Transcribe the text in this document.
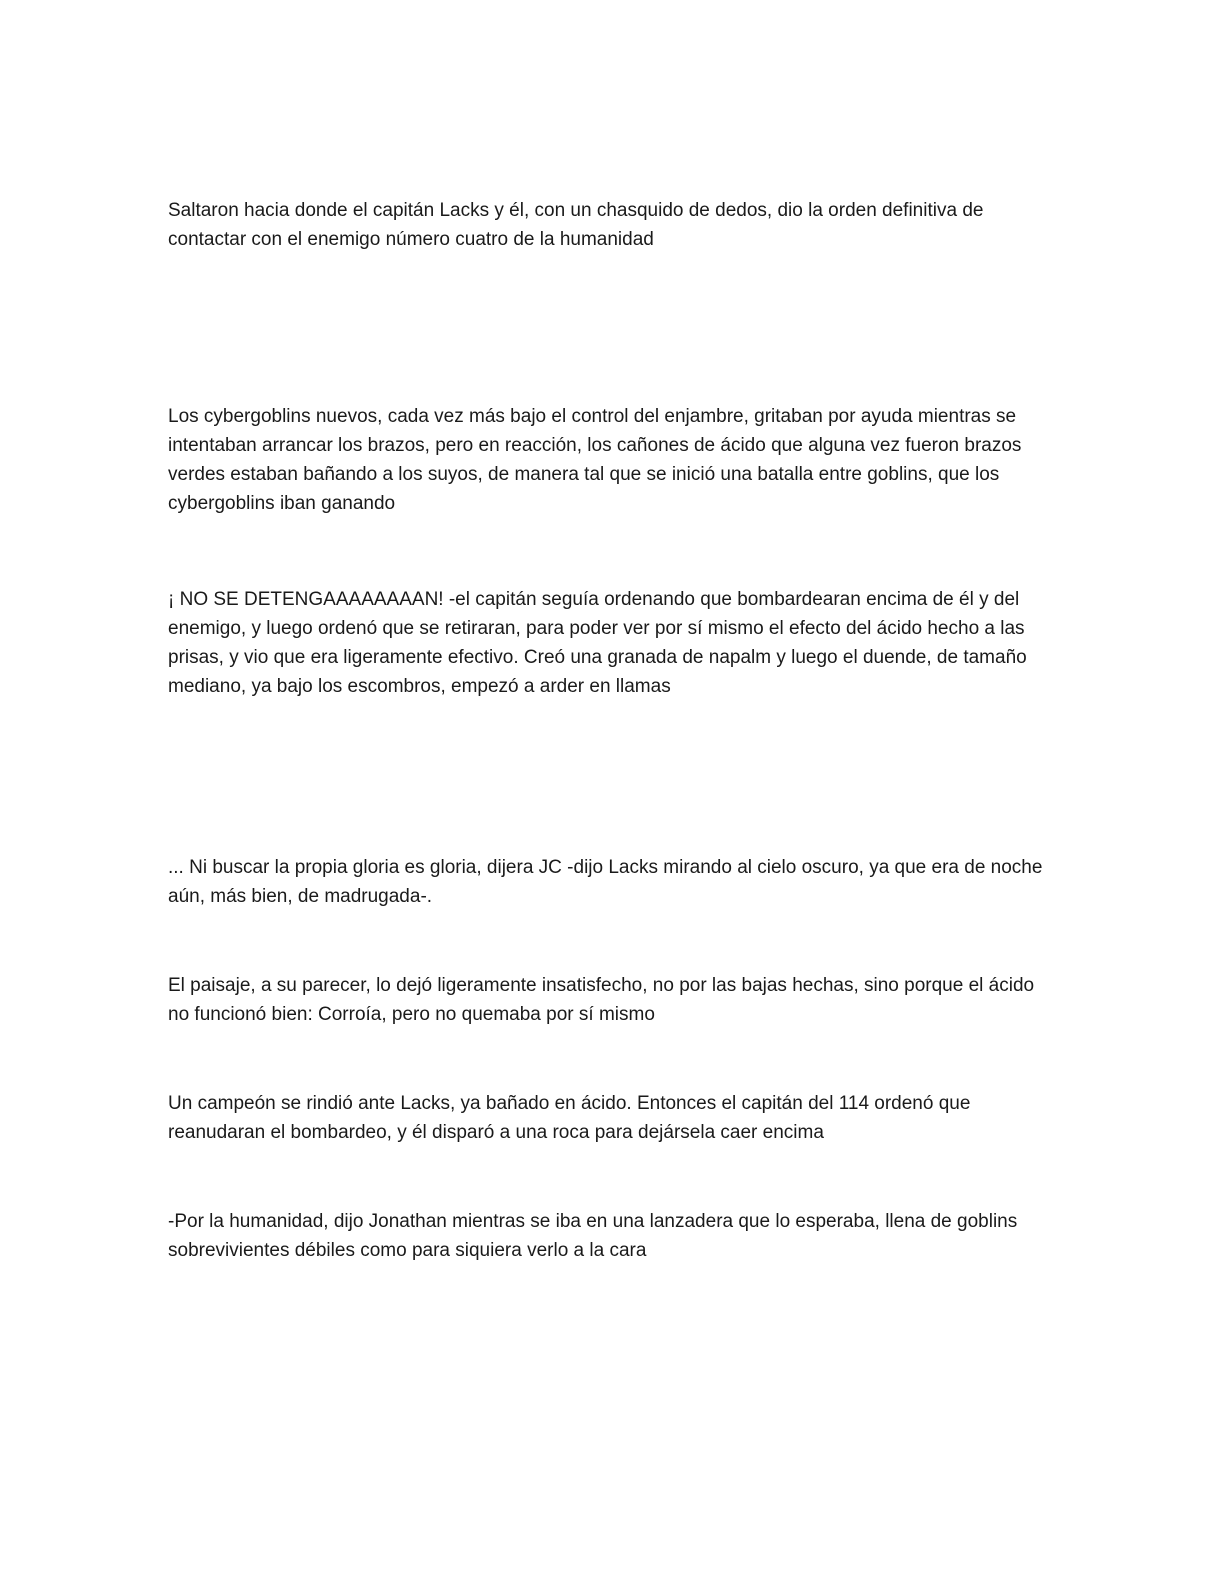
Saltaron hacia donde el capitán Lacks y él, con un chasquido de dedos, dio la orden definitiva de contactar con el enemigo número cuatro de la humanidad

Los cybergoblins nuevos, cada vez más bajo el control del enjambre, gritaban por ayuda mientras se intentaban arrancar los brazos, pero en reacción, los cañones de ácido que alguna vez fueron brazos verdes estaban bañando a los suyos, de manera tal que se inició una batalla entre goblins, que los cybergoblins iban ganando

¡ NO SE DETENGAAAAAAAAN! -el capitán seguía ordenando que bombardearan encima de él y del enemigo, y luego ordenó que se retiraran, para poder ver por sí mismo el efecto del ácido hecho a las prisas, y vio que era ligeramente efectivo. Creó una granada de napalm y luego el duende, de tamaño mediano, ya bajo los escombros, empezó a arder en llamas

... Ni buscar la propia gloria es gloria, dijera JC -dijo Lacks mirando al cielo oscuro, ya que era de noche aún, más bien, de madrugada-.

El paisaje, a su parecer, lo dejó ligeramente insatisfecho, no por las bajas hechas, sino porque el ácido no funcionó bien: Corroía, pero no quemaba por sí mismo

Un campeón se rindió ante Lacks, ya bañado en ácido. Entonces el capitán del 114 ordenó que reanudaran el bombardeo, y él disparó a una roca para dejársela caer encima

-Por la humanidad, dijo Jonathan mientras se iba en una lanzadera que lo esperaba, llena de goblins sobrevivientes débiles como para siquiera verlo a la cara
